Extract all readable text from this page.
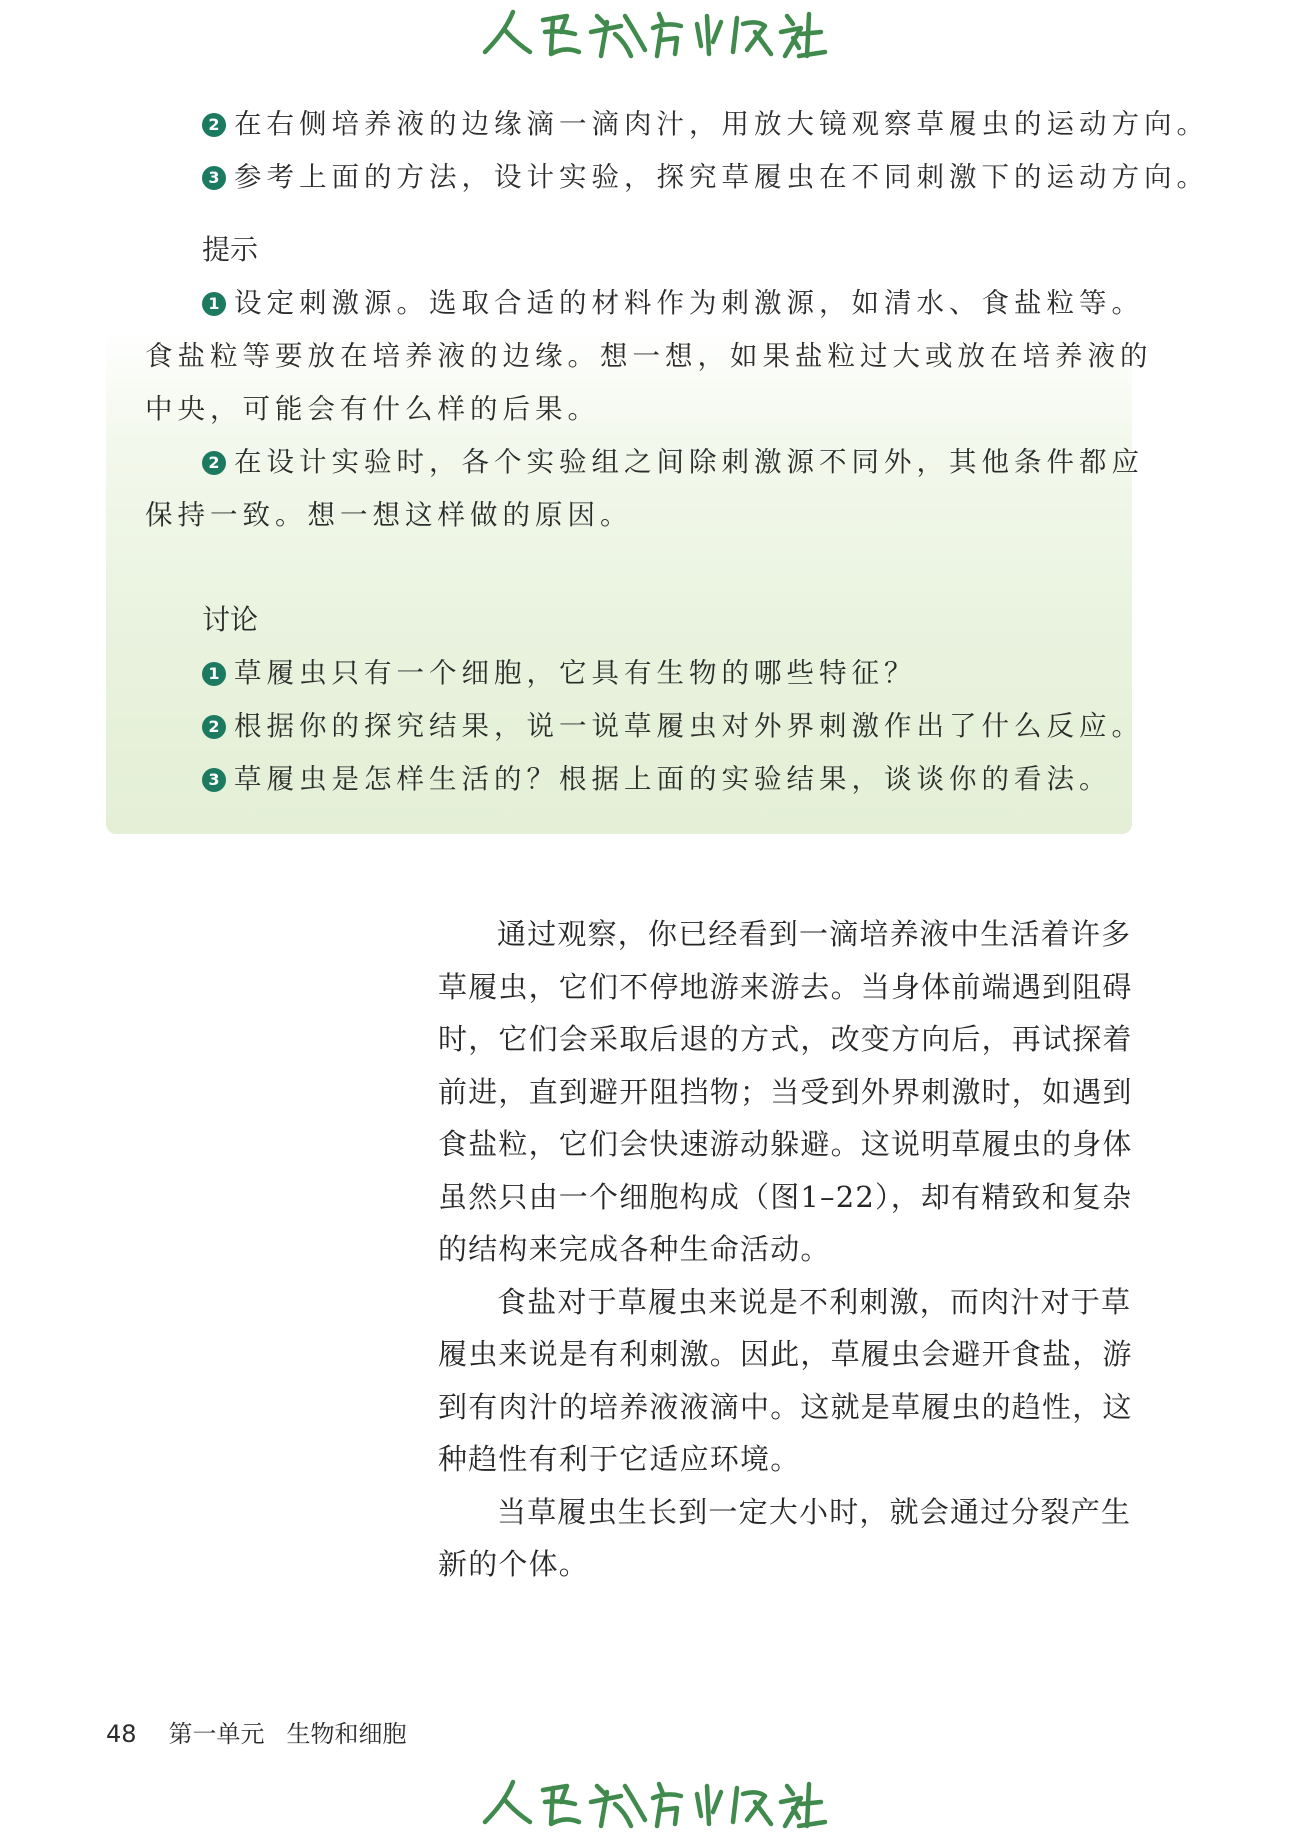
2 在右侧培养液的边缘滴一滴肉汁，用放大镜观察草履虫的运动方向。
3 参考上面的方法，设计实验，探究草履虫在不同刺激下的运动方向。
提示
1 设定刺激源。选取合适的材料作为刺激源，如清水、食盐粒等。
食盐粒等要放在培养液的边缘。想一想，如果盐粒过大或放在培养液的
中央，可能会有什么样的后果。
2 在设计实验时，各个实验组之间除刺激源不同外，其他条件都应
保持一致。想一想这样做的原因。
讨论
1 草履虫只有一个细胞，它具有生物的哪些特征？
2 根据你的探究结果，说一说草履虫对外界刺激作出了什么反应。
3 草履虫是怎样生活的？根据上面的实验结果，谈谈你的看法。
通过观察，你已经看到一滴培养液中生活着许多
草履虫，它们不停地游来游去。当身体前端遇到阻碍
时，它们会采取后退的方式，改变方向后，再试探着
前进，直到避开阻挡物；当受到外界刺激时，如遇到
食盐粒，它们会快速游动躲避。这说明草履虫的身体
虽然只由一个细胞构成（图1–22），却有精致和复杂
的结构来完成各种生命活动。
食盐对于草履虫来说是不利刺激，而肉汁对于草
履虫来说是有利刺激。因此，草履虫会避开食盐，游
到有肉汁的培养液液滴中。这就是草履虫的趋性，这
种趋性有利于它适应环境。
当草履虫生长到一定大小时，就会通过分裂产生
新的个体。
48 第一单元 生物和细胞
